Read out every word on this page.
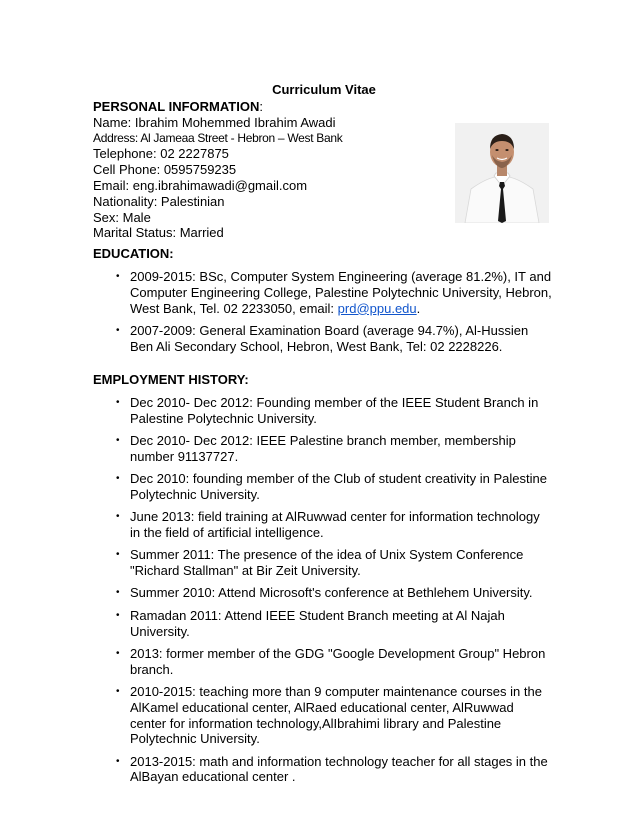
Curriculum Vitae
PERSONAL INFORMATION:
Name: Ibrahim Mohemmed Ibrahim Awadi
Address: Al Jameaa Street - Hebron – West Bank
Telephone: 02 2227875
Cell Phone: 0595759235
Email: eng.ibrahimawadi@gmail.com
Nationality: Palestinian
Sex: Male
Marital Status: Married
EDUCATION:
• 2009-2015: BSc, Computer System Engineering (average 81.2%), IT and Computer Engineering College, Palestine Polytechnic University, Hebron, West Bank, Tel. 02 2233050, email: prd@ppu.edu.
• 2007-2009: General Examination Board (average 94.7%), Al-Hussien Ben Ali Secondary School, Hebron, West Bank, Tel: 02 2228226.
EMPLOYMENT HISTORY:
• Dec 2010- Dec 2012: Founding member of the IEEE Student Branch in Palestine Polytechnic University.
• Dec 2010- Dec 2012: IEEE Palestine branch member, membership number 91137727.
• Dec 2010: founding member of the Club of student creativity in Palestine Polytechnic University.
• June 2013: field training at AlRuwwad center for information technology in the field of artificial intelligence.
• Summer 2011: The presence of the idea of Unix System Conference "Richard Stallman" at Bir Zeit University.
• Summer 2010: Attend Microsoft's conference at Bethlehem University.
• Ramadan 2011: Attend IEEE Student Branch meeting at Al Najah University.
• 2013: former member of the GDG "Google Development Group" Hebron branch.
• 2010-2015: teaching more than 9 computer maintenance courses in the AlKamel educational center, AlRaed educational center, AlRuwwad center for information technology,AlIbrahimi library and Palestine Polytechnic University.
• 2013-2015: math and information technology teacher for all stages in the AlBayan educational center .
